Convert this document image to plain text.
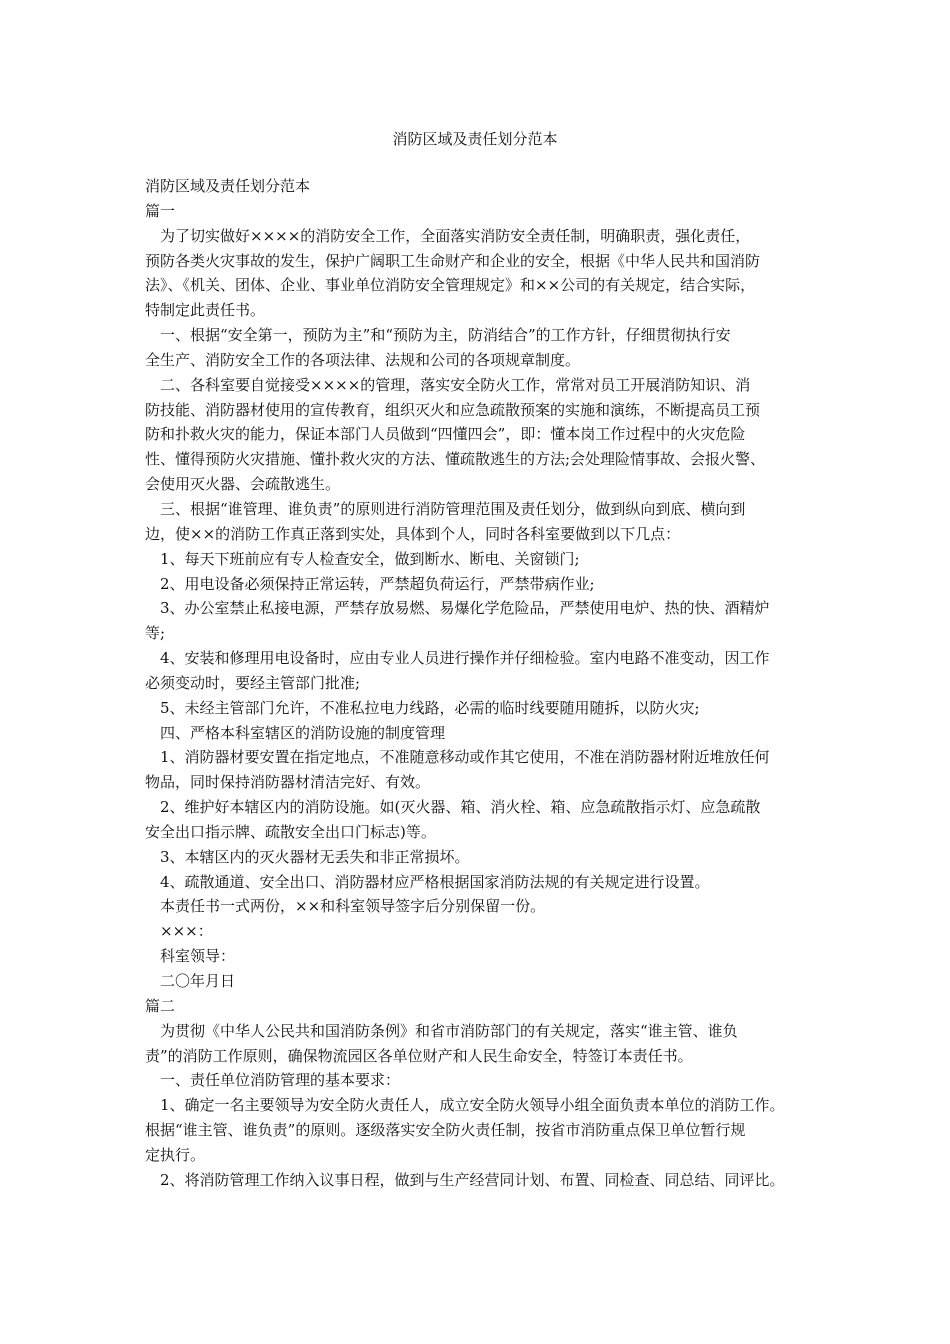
消防区域及责任划分范本

消防区域及责任划分范本

篇一

为了切实做好××××的消防安全工作，全面落实消防安全责任制，明确职责，强化责任，

预防各类火灾事故的发生，保护广阔职工生命财产和企业的安全，根据《中华人民共和国消防

法》、《机关、团体、企业、事业单位消防安全管理规定》和××公司的有关规定，结合实际，

特制定此责任书。

一、根据“安全第一，预防为主”和“预防为主，防消结合”的工作方针，仔细贯彻执行安

全生产、消防安全工作的各项法律、法规和公司的各项规章制度。

二、各科室要自觉接受××××的管理，落实安全防火工作，常常对员工开展消防知识、消

防技能、消防器材使用的宣传教育，组织灭火和应急疏散预案的实施和演练，不断提高员工预

防和扑救火灾的能力，保证本部门人员做到“四懂四会”，即：懂本岗工作过程中的火灾危险

性、懂得预防火灾措施、懂扑救火灾的方法、懂疏散逃生的方法;会处理险情事故、会报火警、

会使用灭火器、会疏散逃生。

三、根据“谁管理、谁负责”的原则进行消防管理范围及责任划分，做到纵向到底、横向到

边，使××的消防工作真正落到实处，具体到个人，同时各科室要做到以下几点：

1、每天下班前应有专人检查安全，做到断水、断电、关窗锁门;

2、用电设备必须保持正常运转，严禁超负荷运行，严禁带病作业;

3、办公室禁止私接电源，严禁存放易燃、易爆化学危险品，严禁使用电炉、热的快、酒精炉

等;

4、安装和修理用电设备时，应由专业人员进行操作并仔细检验。室内电路不准变动，因工作

必须变动时，要经主管部门批准;

5、未经主管部门允许，不准私拉电力线路，必需的临时线要随用随拆，以防火灾;

四、严格本科室辖区的消防设施的制度管理

1、消防器材要安置在指定地点，不准随意移动或作其它使用，不准在消防器材附近堆放任何

物品，同时保持消防器材清洁完好、有效。

2、维护好本辖区内的消防设施。如(灭火器、箱、消火栓、箱、应急疏散指示灯、应急疏散

安全出口指示牌、疏散安全出口门标志)等。

3、本辖区内的灭火器材无丢失和非正常损坏。

4、疏散通道、安全出口、消防器材应严格根据国家消防法规的有关规定进行设置。

本责任书一式两份，××和科室领导签字后分别保留一份。

×××：

科室领导：

二〇年月日

篇二

为贯彻《中华人公民共和国消防条例》和省市消防部门的有关规定，落实“谁主管、谁负

责”的消防工作原则，确保物流园区各单位财产和人民生命安全，特签订本责任书。

一、责任单位消防管理的基本要求：

1、确定一名主要领导为安全防火责任人，成立安全防火领导小组全面负责本单位的消防工作。

根据“谁主管、谁负责”的原则。逐级落实安全防火责任制，按省市消防重点保卫单位暂行规

定执行。

2、将消防管理工作纳入议事日程，做到与生产经营同计划、布置、同检查、同总结、同评比。
